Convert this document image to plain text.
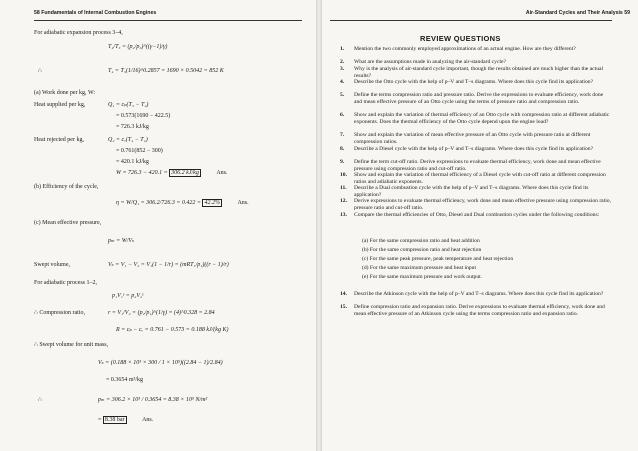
58 Fundamentals of Internal Combustion Engines
For adiabatic expansion process 3–4,
T₄/T₃ = (p₄/p₃)^((γ−1)/γ)
∴	T₄ = T₃(1/16)^0.2857 = 1690 × 0.5042 = 852 K
(a) Work done per kg, W:
Heat supplied per kg,	Q₁ = cₚ(T₃ − T₂)
= 0.573(1690 − 422.5)
= 726.3 kJ/kg
Heat rejected per kg,	Q₂ = cᵥ(T₄ − T₁)
= 0.761(852 − 300)
= 420.1 kJ/kg
W = 726.3 − 420.1 = 306.2 kJ/kg	Ans.
(b) Efficiency of the cycle,
η = W/Q₁ = 306.2/726.3 = 0.422 = 42.2%	Ans.
(c) Mean effective pressure,
pₘ = W/Vₛ
Swept volume,	Vₛ = V₁ − V₂ = V₁(1 − 1/r) = (mRT₁/p₁)((r − 1)/r)
For adiabatic process 1–2,
p₁V₁ᵞ = p₂V₂ᵞ
∴ Compression ratio,	r = V₁/V₂ = (p₂/p₁)^(1/γ) = (4)^0.328 = 2.84
R = cₚ − cᵥ = 0.761 − 0.573 = 0.188 kJ/(kg K)
∴ Swept volume for unit mass,
Vₛ = (0.188 × 10³ × 300 / 1 × 10⁵)((2.84 − 1)/2.84)
= 0.3654 m³/kg
∴	pₘ = 306.2 × 10³ / 0.3654 = 8.38 × 10⁵ N/m²
= 8.38 bar	Ans.
Air-Standard Cycles and Their Analysis 59
REVIEW QUESTIONS
1. Mention the two commonly employed approximations of an actual engine. How are they different?
2. What are the assumptions made in analyzing the air-standard cycle?
3. Why is the analysis of air-standard cycle important, though the results obtained are much higher than the actual results?
4. Describe the Otto cycle with the help of p–V and T–s diagrams. Where does this cycle find its application?
5. Define the terms compression ratio and pressure ratio. Derive the expressions to evaluate efficiency, work done and mean effective pressure of an Otto cycle using the terms of pressure ratio and compression ratio.
6. Show and explain the variation of thermal efficiency of an Otto cycle with compression ratio at different adiabatic exponents. Does the thermal efficiency of the Otto cycle depend upon the engine load?
7. Show and explain the variation of mean effective pressure of an Otto cycle with pressure ratio at different compression ratios.
8. Describe a Diesel cycle with the help of p–V and T–s diagrams. Where does this cycle find its application?
9. Define the term cut-off ratio. Derive expressions to evaluate thermal efficiency, work done and mean effective pressure using compression ratio and cut-off ratio.
10. Show and explain the variation of thermal efficiency of a Diesel cycle with cut-off ratio at different compression ratios and adiabatic exponents.
11. Describe a Dual combustion cycle with the help of p–V and T–s diagrams. Where does this cycle find its application?
12. Derive expressions to evaluate thermal efficiency, work done and mean effective pressure using compression ratio, pressure ratio and cut-off ratio.
13. Compare the thermal efficiencies of Otto, Diesel and Dual combustion cycles under the following conditions:
14. Describe the Atkinson cycle with the help of p–V and T–s diagrams. Where does this cycle find its application?
15. Define compression ratio and expansion ratio. Derive expressions to evaluate thermal efficiency, work done and mean effective pressure of an Atkinson cycle using the terms compression ratio and expansion ratio.
(a) For the same compression ratio and heat addition
(b) For the same compression ratio and heat rejection
(c) For the same peak pressure, peak temperature and heat rejection
(d) For the same maximum pressure and heat input
(e) For the same maximum pressure and work output.
